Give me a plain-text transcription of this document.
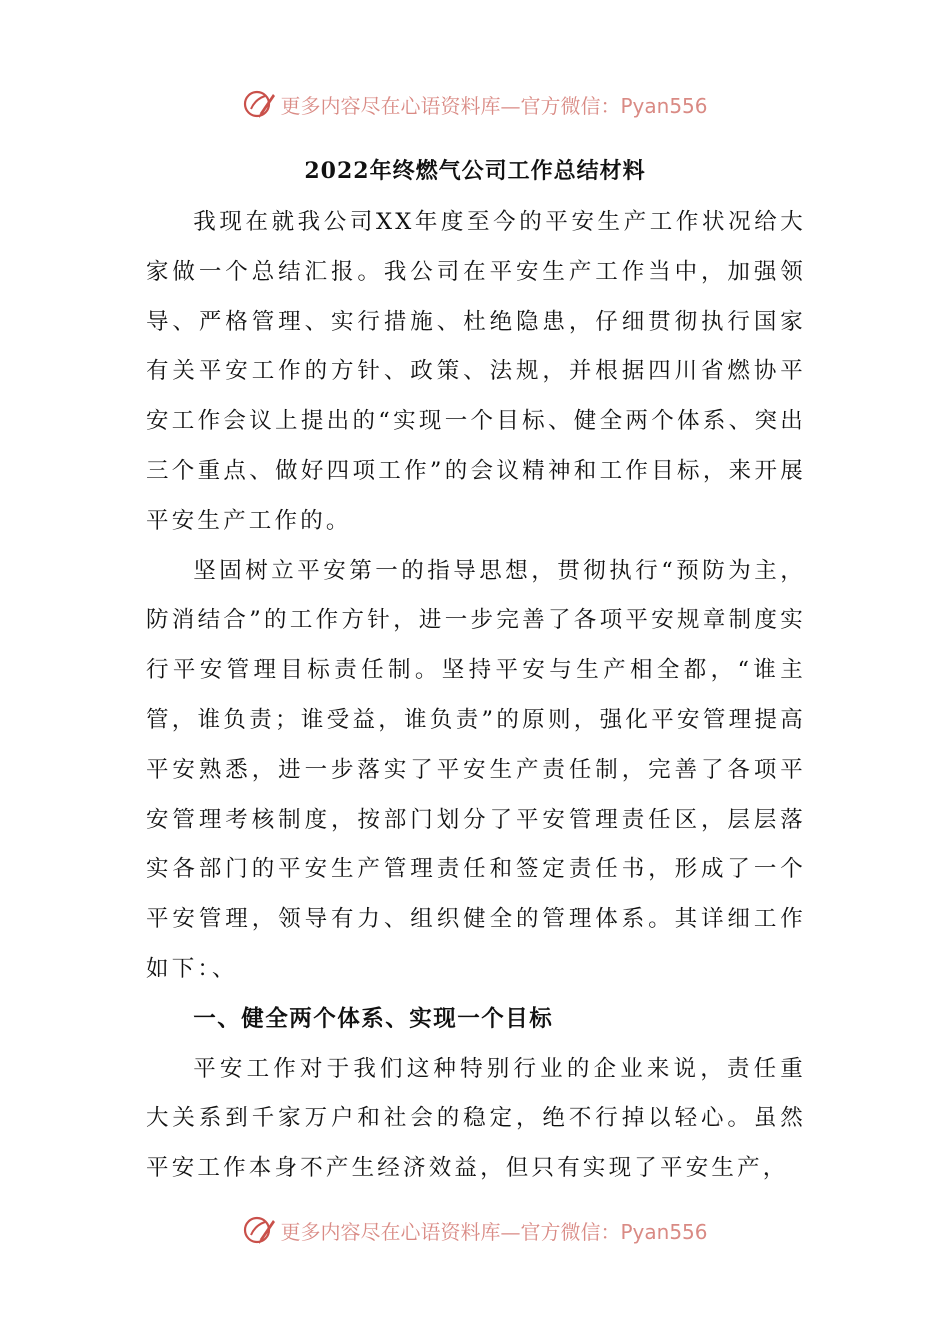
更多内容尽在心语资料库—官方微信：Pyan556
2022年终燃气公司工作总结材料

我现在就我公司XX年度至今的平安生产工作状况给大家做一个总结汇报。我公司在平安生产工作当中，加强领导、严格管理、实行措施、杜绝隐患，仔细贯彻执行国家有关平安工作的方针、政策、法规，并根据四川省燃协平安工作会议上提出的“实现一个目标、健全两个体系、突出三个重点、做好四项工作”的会议精神和工作目标，来开展平安生产工作的。

坚固树立平安第一的指导思想，贯彻执行“预防为主，防消结合”的工作方针，进一步完善了各项平安规章制度实行平安管理目标责任制。坚持平安与生产相全都，“谁主管，谁负责；谁受益，谁负责”的原则，强化平安管理提高平安熟悉，进一步落实了平安生产责任制，完善了各项平安管理考核制度，按部门划分了平安管理责任区，层层落实各部门的平安生产管理责任和签定责任书，形成了一个平安管理，领导有力、组织健全的管理体系。其详细工作如下：、

一、健全两个体系、实现一个目标

平安工作对于我们这种特别行业的企业来说，责任重大关系到千家万户和社会的稳定，绝不行掉以轻心。虽然平安工作本身不产生经济效益，但只有实现了平安生产，

更多内容尽在心语资料库—官方微信：Pyan556
